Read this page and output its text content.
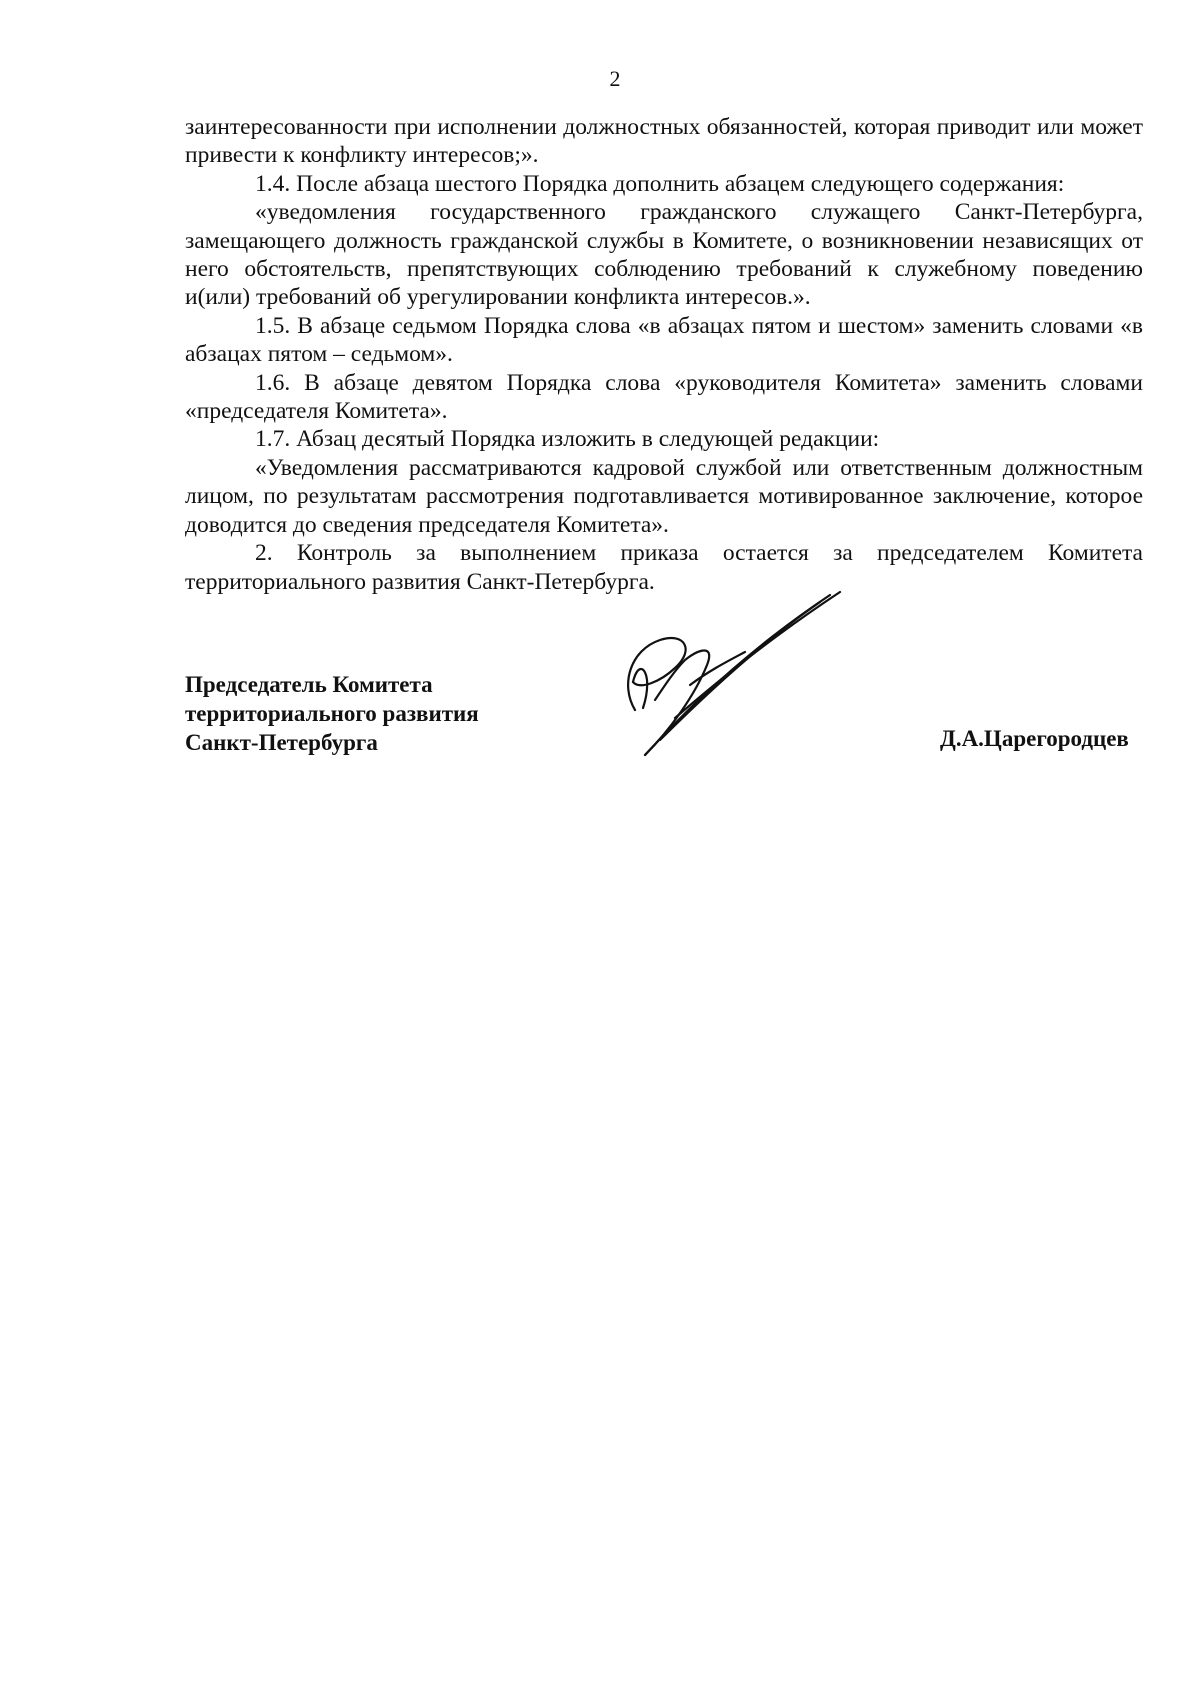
2

заинтересованности при исполнении должностных обязанностей, которая приводит или может привести к конфликту интересов;».

1.4. После абзаца шестого Порядка дополнить абзацем следующего содержания:

«уведомления государственного гражданского служащего Санкт-Петербурга, замещающего должность гражданской службы в Комитете, о возникновении независящих от него обстоятельств, препятствующих соблюдению требований к служебному поведению и(или) требований об урегулировании конфликта интересов.».

1.5. В абзаце седьмом Порядка слова «в абзацах пятом и шестом» заменить словами «в абзацах пятом – седьмом».

1.6. В абзаце девятом Порядка слова «руководителя Комитета» заменить словами «председателя Комитета».

1.7. Абзац десятый Порядка изложить в следующей редакции:

«Уведомления рассматриваются кадровой службой или ответственным должностным лицом, по результатам рассмотрения подготавливается мотивированное заключение, которое доводится до сведения председателя Комитета».

2. Контроль за выполнением приказа остается за председателем Комитета территориального развития Санкт-Петербурга.

Председатель Комитета
территориального развития
Санкт-Петербурга	Д.А.Царегородцев
